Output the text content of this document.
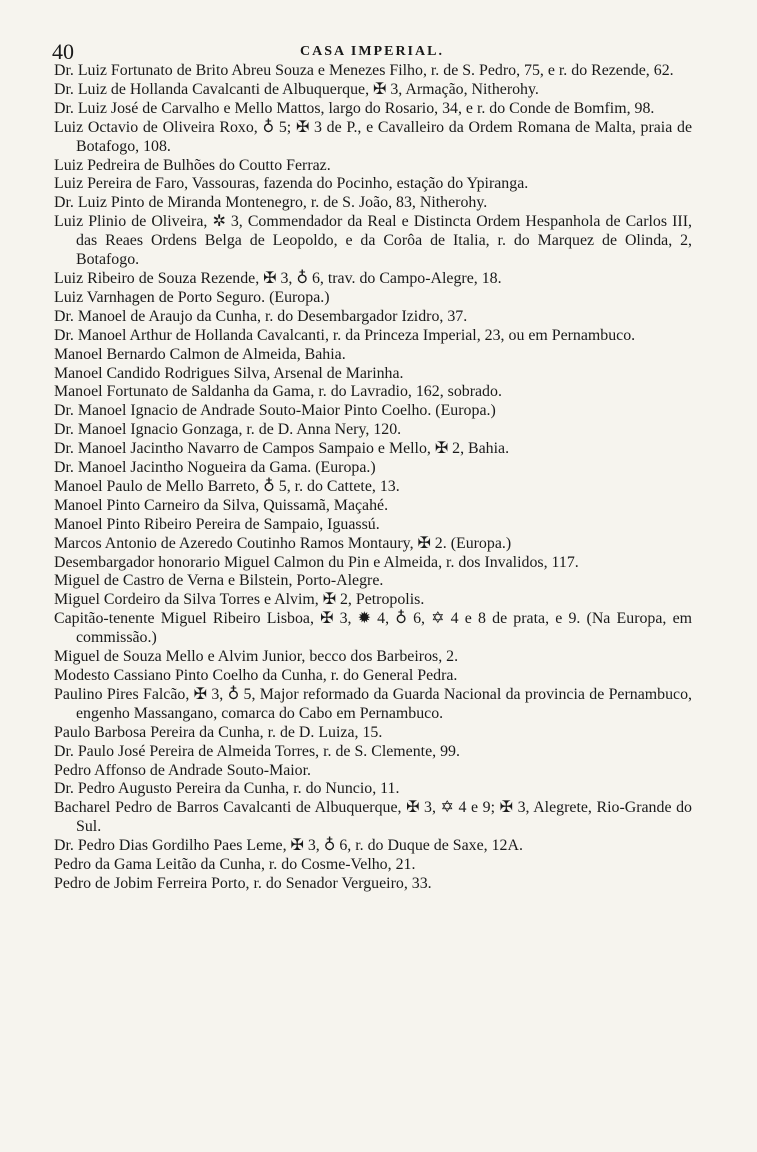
40	CASA IMPERIAL.

Dr. Luiz Fortunato de Brito Abreu Souza e Menezes Filho, r. de S. Pedro, 75, e r. do Rezende, 62.

Dr. Luiz de Hollanda Cavalcanti de Albuquerque, ✠ 3, Armação, Nitherohy.

Dr. Luiz José de Carvalho e Mello Mattos, largo do Rosario, 34, e r. do Conde de Bomfim, 98.

Luiz Octavio de Oliveira Roxo, ♁ 5; ✠ 3 de P., e Cavalleiro da Ordem Romana de Malta, praia de Botafogo, 108.

Luiz Pedreira de Bulhões do Coutto Ferraz.

Luiz Pereira de Faro, Vassouras, fazenda do Pocinho, estação do Ypiranga.

Dr. Luiz Pinto de Miranda Montenegro, r. de S. João, 83, Nitherohy.

Luiz Plinio de Oliveira, ✲ 3, Commendador da Real e Distincta Ordem Hespanhola de Carlos III, das Reaes Ordens Belga de Leopoldo, e da Corôa de Italia, r. do Marquez de Olinda, 2, Botafogo.

Luiz Ribeiro de Souza Rezende, ✠ 3, ♁ 6, trav. do Campo-Alegre, 18.

Luiz Varnhagen de Porto Seguro. (Europa.)

Dr. Manoel de Araujo da Cunha, r. do Desembargador Izidro, 37.

Dr. Manoel Arthur de Hollanda Cavalcanti, r. da Princeza Imperial, 23, ou em Pernambuco.

Manoel Bernardo Calmon de Almeida, Bahia.

Manoel Candido Rodrigues Silva, Arsenal de Marinha.

Manoel Fortunato de Saldanha da Gama, r. do Lavradio, 162, sobrado.

Dr. Manoel Ignacio de Andrade Souto-Maior Pinto Coelho. (Europa.)

Dr. Manoel Ignacio Gonzaga, r. de D. Anna Nery, 120.

Dr. Manoel Jacintho Navarro de Campos Sampaio e Mello, ✠ 2, Bahia.

Dr. Manoel Jacintho Nogueira da Gama. (Europa.)

Manoel Paulo de Mello Barreto, ♁ 5, r. do Cattete, 13.

Manoel Pinto Carneiro da Silva, Quissamã, Maçahé.

Manoel Pinto Ribeiro Pereira de Sampaio, Iguassú.

Marcos Antonio de Azeredo Coutinho Ramos Montaury, ✠ 2. (Europa.)

Desembargador honorario Miguel Calmon du Pin e Almeida, r. dos Invalidos, 117.

Miguel de Castro de Verna e Bilstein, Porto-Alegre.

Miguel Cordeiro da Silva Torres e Alvim, ✠ 2, Petropolis.

Capitão-tenente Miguel Ribeiro Lisboa, ✠ 3, ✹ 4, ♁ 6, ✡ 4 e 8 de prata, e 9. (Na Europa, em commissão.)

Miguel de Souza Mello e Alvim Junior, becco dos Barbeiros, 2.

Modesto Cassiano Pinto Coelho da Cunha, r. do General Pedra.

Paulino Pires Falcão, ✠ 3, ♁ 5, Major reformado da Guarda Nacional da provincia de Pernambuco, engenho Massangano, comarca do Cabo em Pernambuco.

Paulo Barbosa Pereira da Cunha, r. de D. Luiza, 15.

Dr. Paulo José Pereira de Almeida Torres, r. de S. Clemente, 99.

Pedro Affonso de Andrade Souto-Maior.

Dr. Pedro Augusto Pereira da Cunha, r. do Nuncio, 11.

Bacharel Pedro de Barros Cavalcanti de Albuquerque, ✠ 3, ✡ 4 e 9; ✠ 3, Alegrete, Rio-Grande do Sul.

Dr. Pedro Dias Gordilho Paes Leme, ✠ 3, ♁ 6, r. do Duque de Saxe, 12A.

Pedro da Gama Leitão da Cunha, r. do Cosme-Velho, 21.

Pedro de Jobim Ferreira Porto, r. do Senador Vergueiro, 33.
